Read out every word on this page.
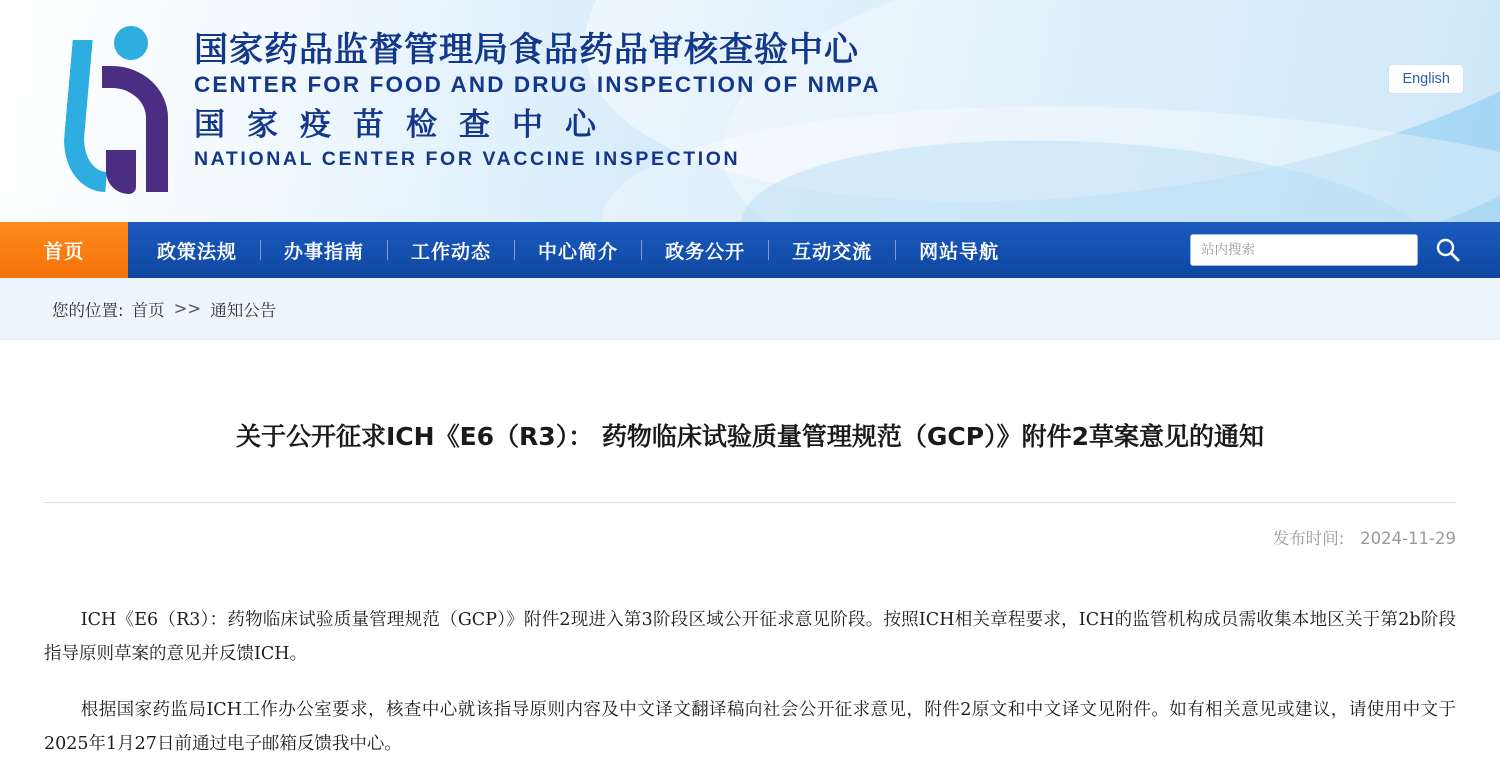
国家药品监督管理局食品药品审核查验中心
CENTER FOR FOOD AND DRUG INSPECTION OF NMPA
国家疫苗检查中心
NATIONAL CENTER FOR VACCINE INSPECTION
English
首页	政策法规	办事指南	工作动态	中心简介	政务公开	互动交流	网站导航
站内搜索
您的位置: 首页 >> 通知公告
关于公开征求ICH《E6（R3）： 药物临床试验质量管理规范（GCP）》附件2草案意见的通知
发布时间: 2024-11-29

ICH《E6（R3）：药物临床试验质量管理规范（GCP）》附件2现进入第3阶段区域公开征求意见阶段。按照ICH相关章程要求，ICH的监管机构成员需收集本地区关于第2b阶段指导原则草案的意见并反馈ICH。

根据国家药监局ICH工作办公室要求，核查中心就该指导原则内容及中文译文翻译稿向社会公开征求意见，附件2原文和中文译文见附件。如有相关意见或建议，请使用中文于2025年1月27日前通过电子邮箱反馈我中心。
